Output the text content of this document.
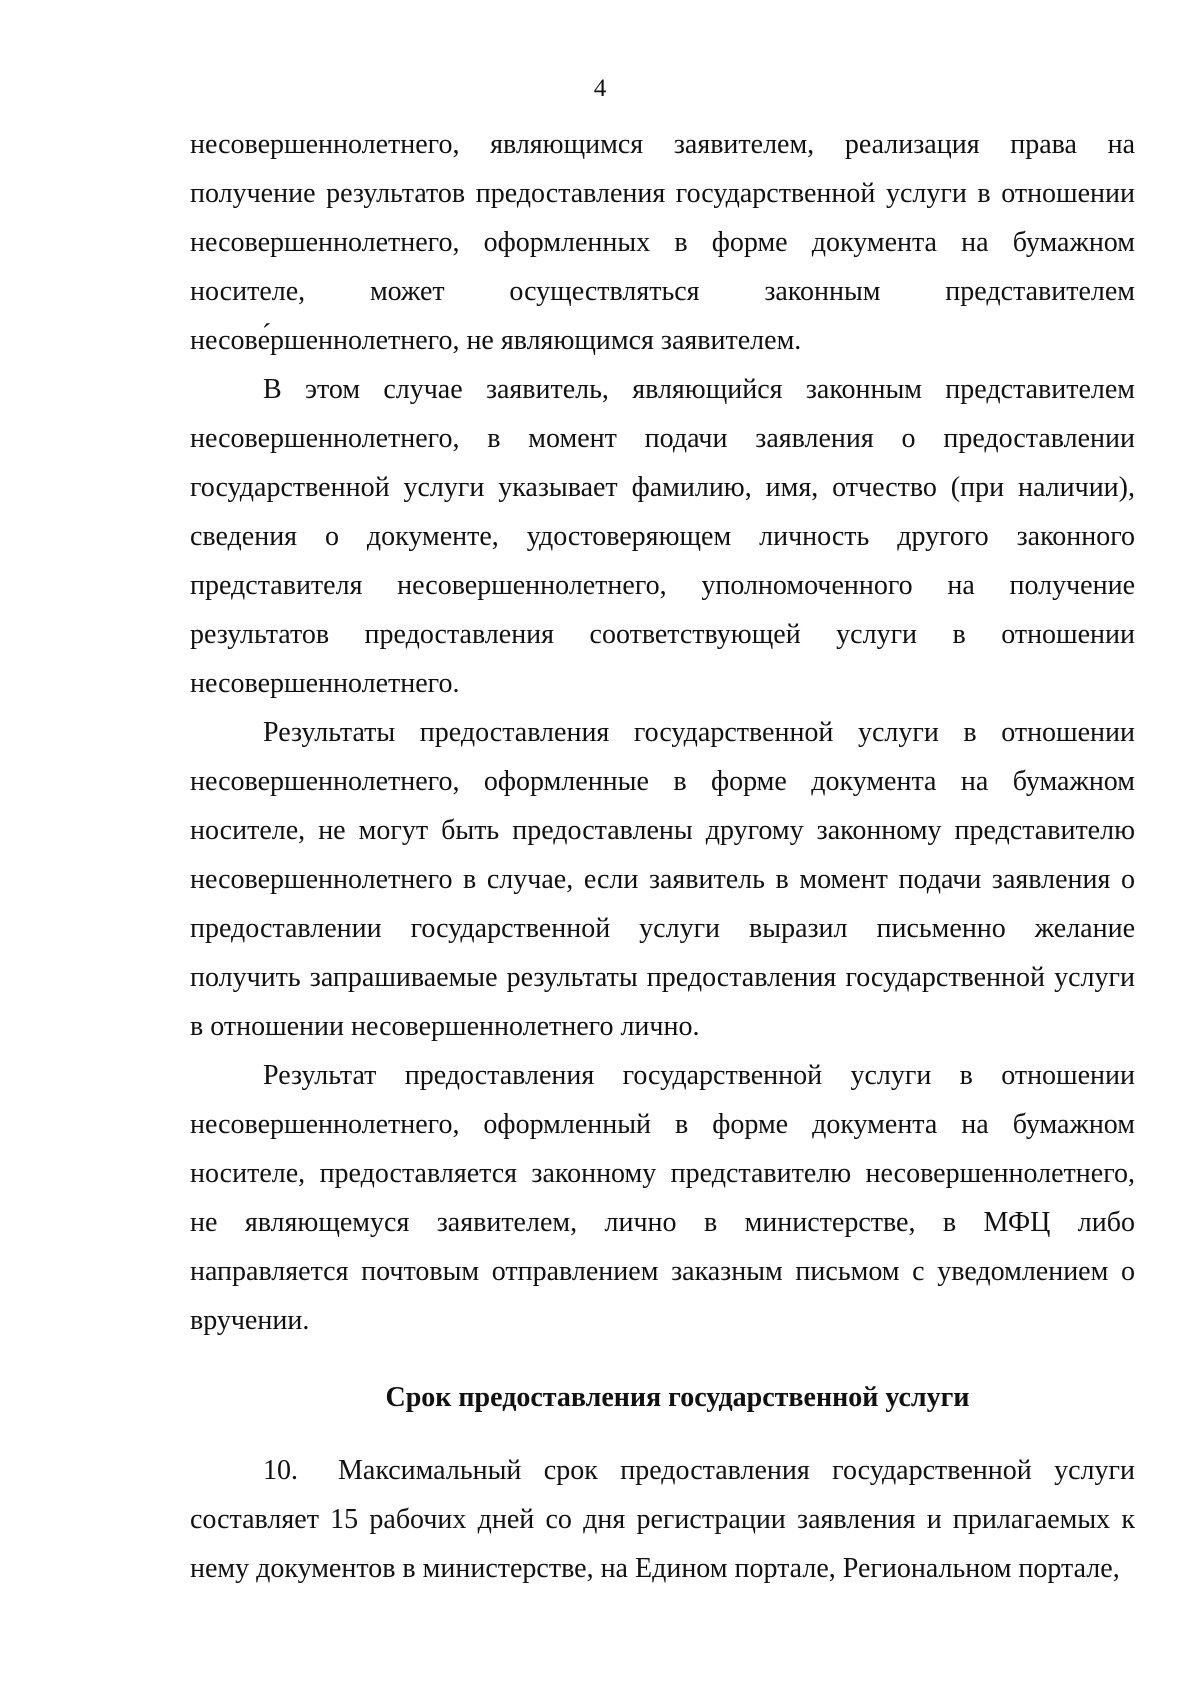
4

несовершеннолетнего, являющимся заявителем, реализация права на получение результатов предоставления государственной услуги в отношении несовершеннолетнего, оформленных в форме документа на бумажном носителе, может осуществляться законным представителем несове́ршеннолетнего, не являющимся заявителем.

В этом случае заявитель, являющийся законным представителем несовершеннолетнего, в момент подачи заявления о предоставлении государственной услуги указывает фамилию, имя, отчество (при наличии), сведения о документе, удостоверяющем личность другого законного представителя несовершеннолетнего, уполномоченного на получение результатов предоставления соответствующей услуги в отношении несовершеннолетнего.

Результаты предоставления государственной услуги в отношении несовершеннолетнего, оформленные в форме документа на бумажном носителе, не могут быть предоставлены другому законному представителю несовершеннолетнего в случае, если заявитель в момент подачи заявления о предоставлении государственной услуги выразил письменно желание получить запрашиваемые результаты предоставления государственной услуги в отношении несовершеннолетнего лично.

Результат предоставления государственной услуги в отношении несовершеннолетнего, оформленный в форме документа на бумажном носителе, предоставляется законному представителю несовершеннолетнего, не являющемуся заявителем, лично в министерстве, в МФЦ либо направляется почтовым отправлением заказным письмом с уведомлением о вручении.

Срок предоставления государственной услуги

10. Максимальный срок предоставления государственной услуги составляет 15 рабочих дней со дня регистрации заявления и прилагаемых к нему документов в министерстве, на Едином портале, Региональном портале,
